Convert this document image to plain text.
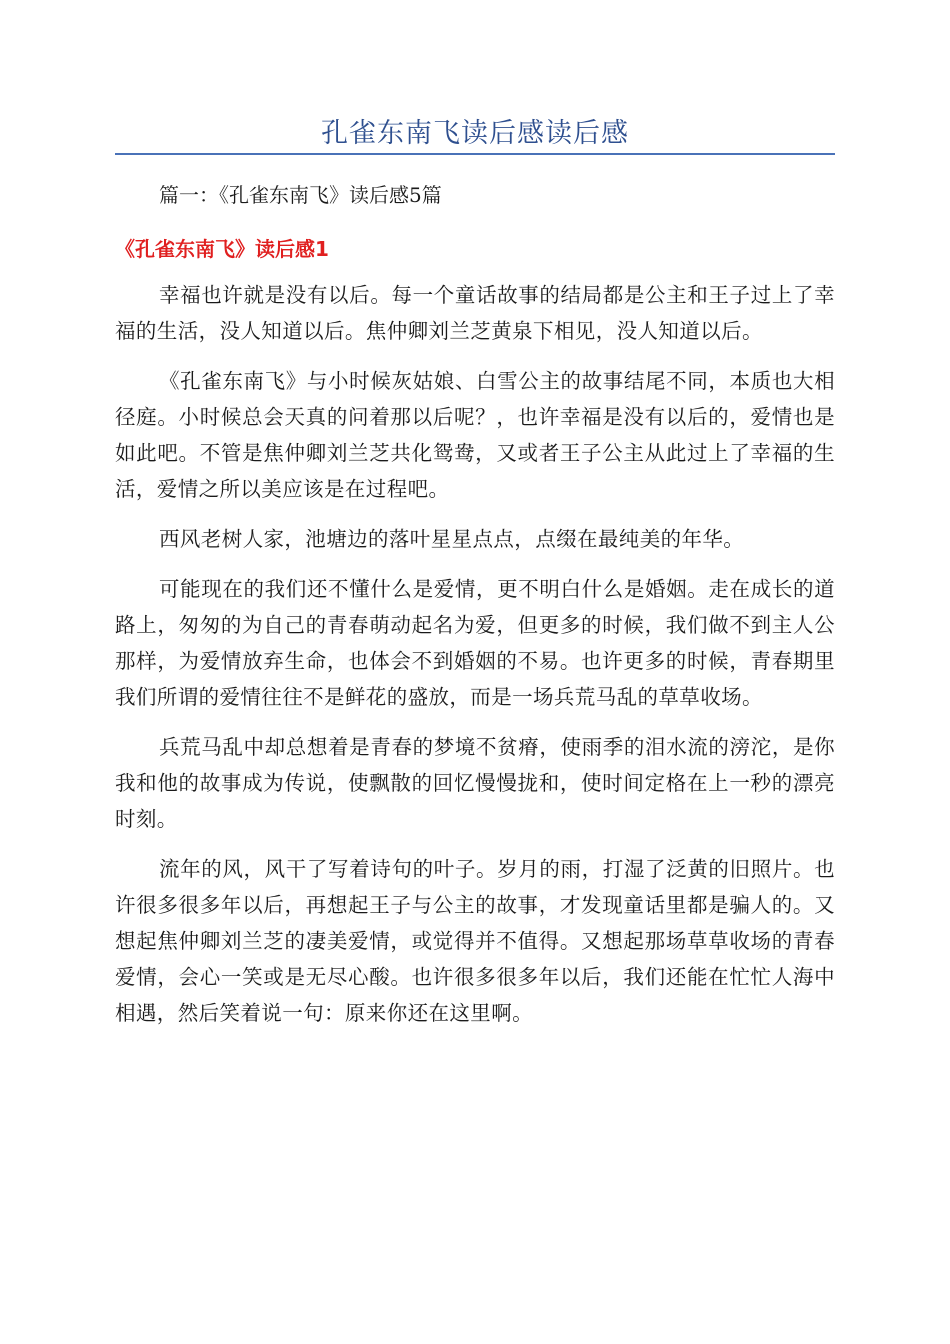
孔雀东南飞读后感读后感

篇一：《孔雀东南飞》读后感5篇

《孔雀东南飞》读后感1

幸福也许就是没有以后。每一个童话故事的结局都是公主和王子过上了幸福的生活，没人知道以后。焦仲卿刘兰芝黄泉下相见，没人知道以后。

《孔雀东南飞》与小时候灰姑娘、白雪公主的故事结尾不同，本质也大相径庭。小时候总会天真的问着那以后呢？，也许幸福是没有以后的，爱情也是如此吧。不管是焦仲卿刘兰芝共化鸳鸯，又或者王子公主从此过上了幸福的生活，爱情之所以美应该是在过程吧。

西风老树人家，池塘边的落叶星星点点，点缀在最纯美的年华。

可能现在的我们还不懂什么是爱情，更不明白什么是婚姻。走在成长的道路上，匆匆的为自己的青春萌动起名为爱，但更多的时候，我们做不到主人公那样，为爱情放弃生命，也体会不到婚姻的不易。也许更多的时候，青春期里我们所谓的爱情往往不是鲜花的盛放，而是一场兵荒马乱的草草收场。

兵荒马乱中却总想着是青春的梦境不贫瘠，使雨季的泪水流的滂沱，是你我和他的故事成为传说，使飘散的回忆慢慢拢和，使时间定格在上一秒的漂亮时刻。

流年的风，风干了写着诗句的叶子。岁月的雨，打湿了泛黄的旧照片。也许很多很多年以后，再想起王子与公主的故事，才发现童话里都是骗人的。又想起焦仲卿刘兰芝的凄美爱情，或觉得并不值得。又想起那场草草收场的青春爱情，会心一笑或是无尽心酸。也许很多很多年以后，我们还能在忙忙人海中相遇，然后笑着说一句：原来你还在这里啊。
